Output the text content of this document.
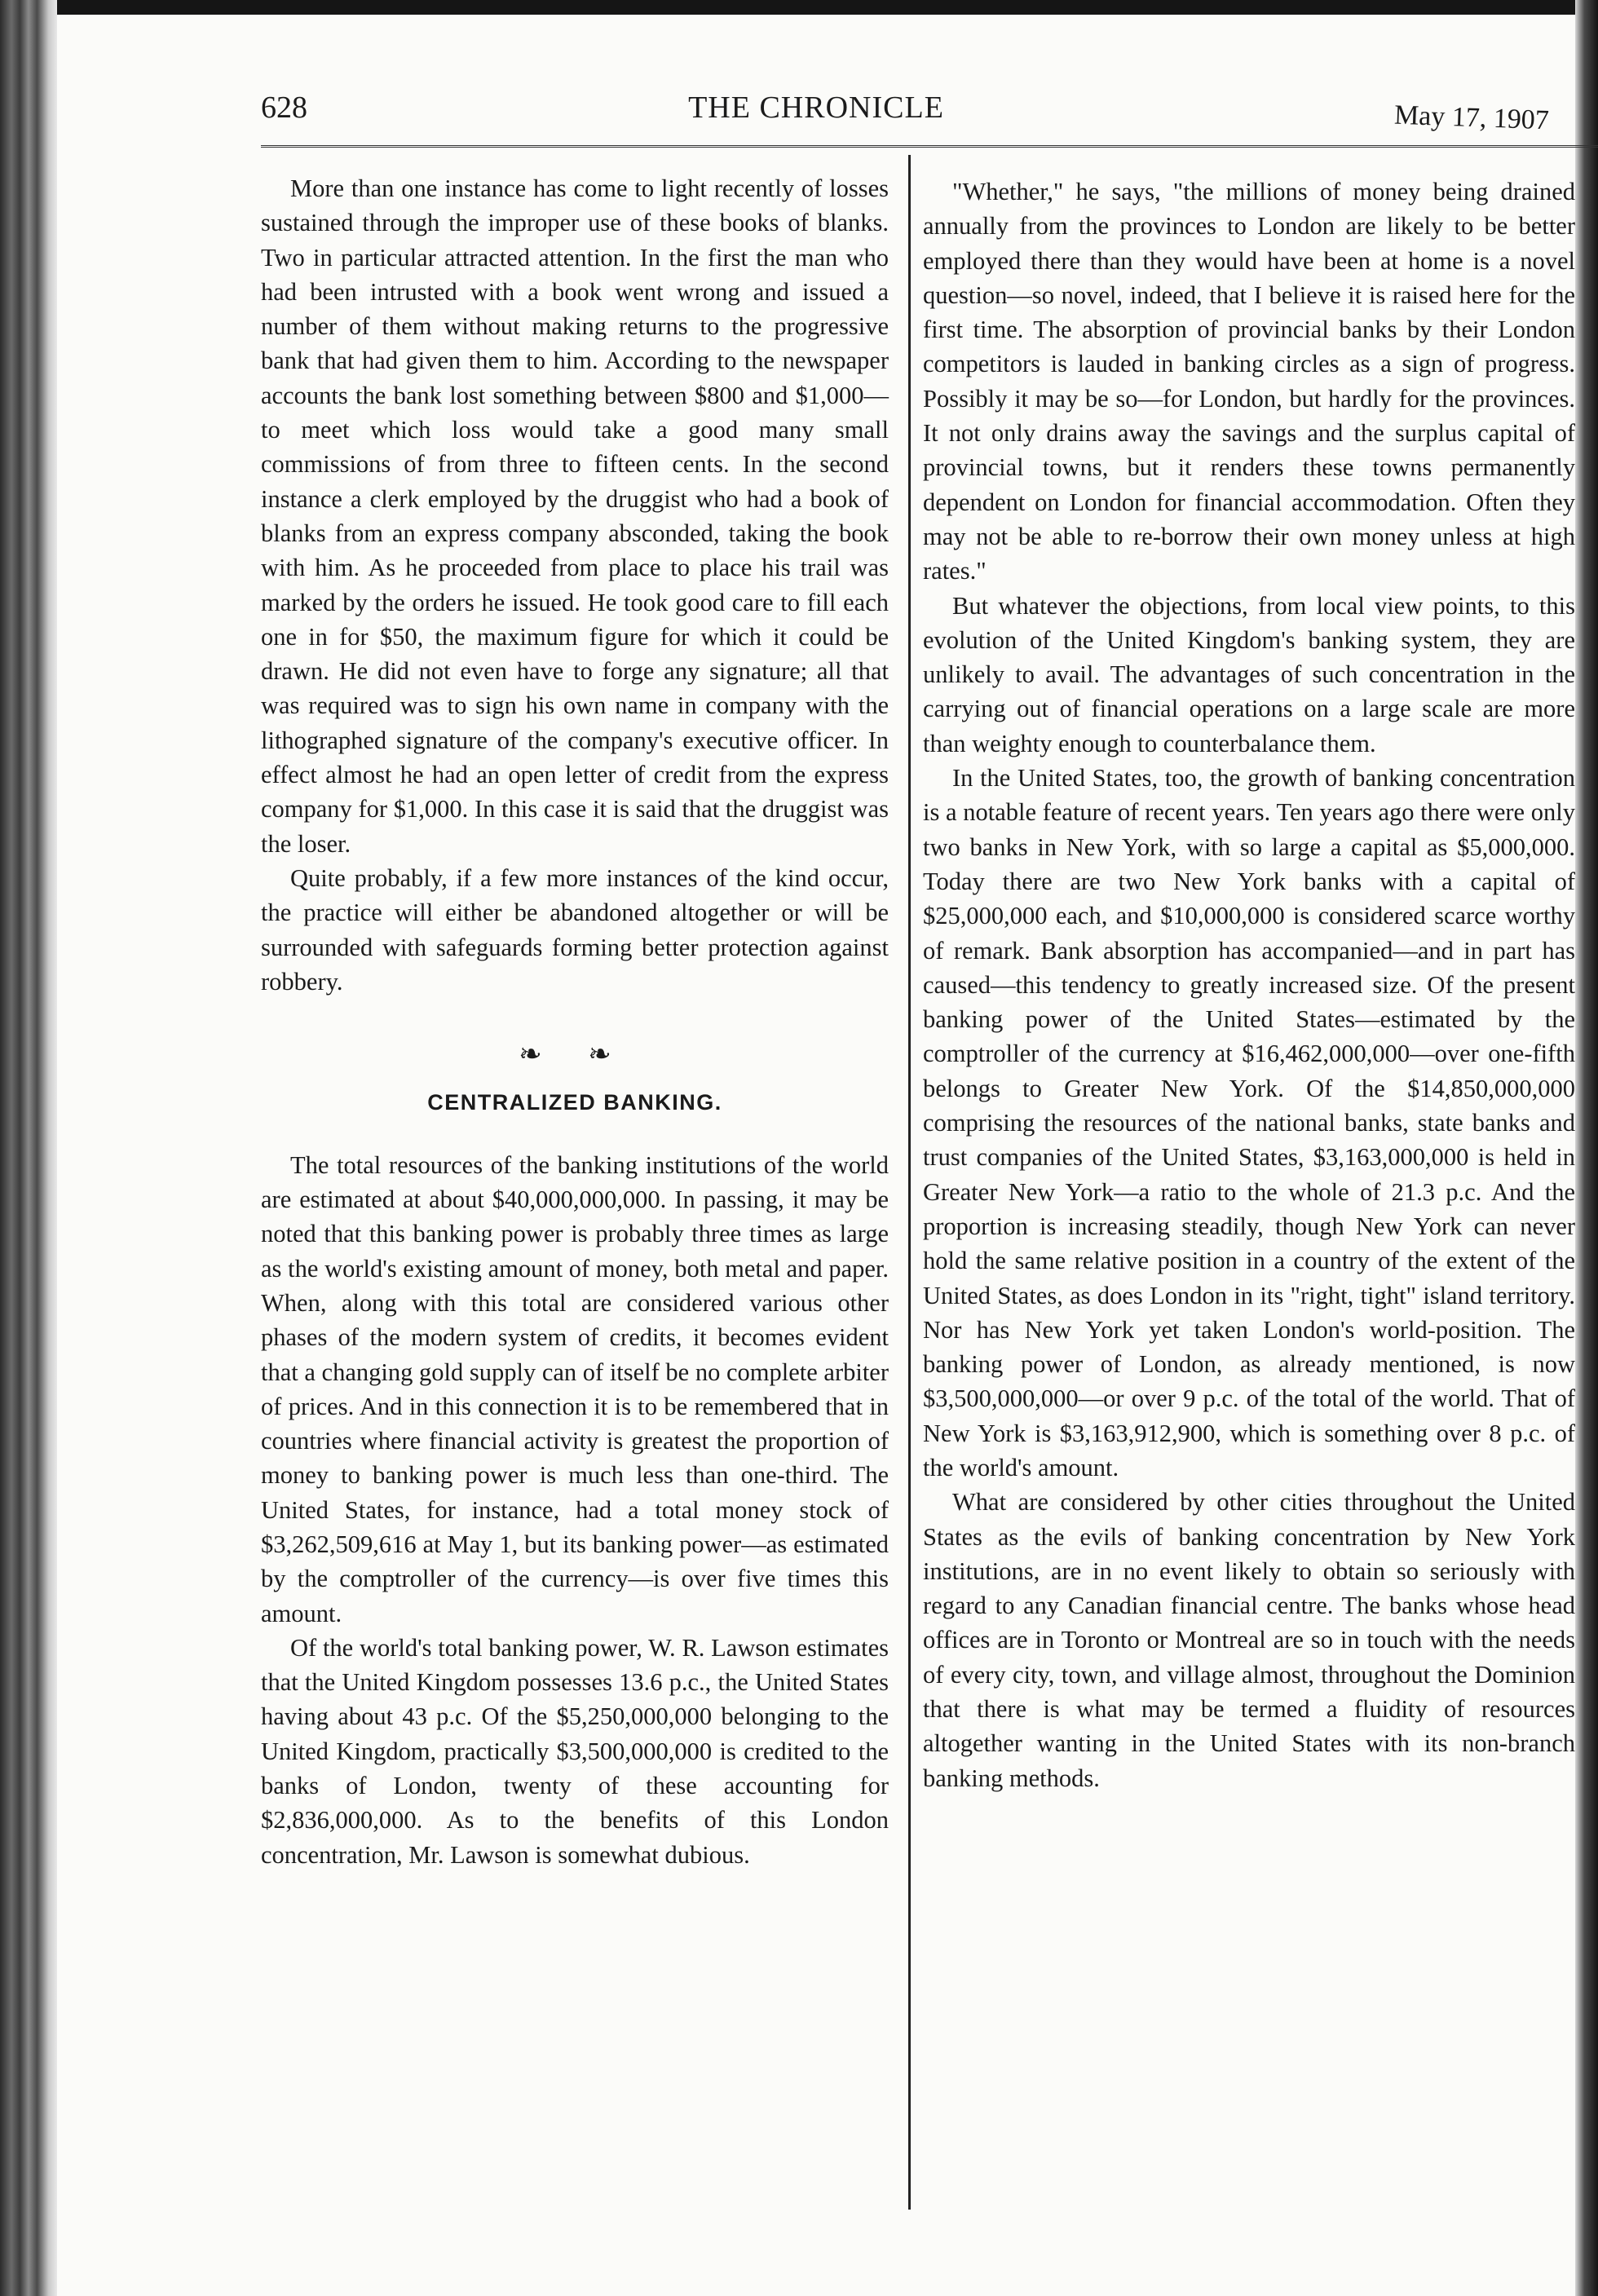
628	THE CHRONICLE	May 17, 1907

More than one instance has come to light recently of losses sustained through the improper use of these books of blanks. Two in particular attracted attention. In the first the man who had been intrusted with a book went wrong and issued a number of them without making returns to the progressive bank that had given them to him. According to the newspaper accounts the bank lost something between $800 and $1,000—to meet which loss would take a good many small commissions of from three to fifteen cents. In the second instance a clerk employed by the druggist who had a book of blanks from an express company absconded, taking the book with him. As he proceeded from place to place his trail was marked by the orders he issued. He took good care to fill each one in for $50, the maximum figure for which it could be drawn. He did not even have to forge any signature; all that was required was to sign his own name in company with the lithographed signature of the company's executive officer. In effect almost he had an open letter of credit from the express company for $1,000. In this case it is said that the druggist was the loser.

Quite probably, if a few more instances of the kind occur, the practice will either be abandoned altogether or will be surrounded with safeguards forming better protection against robbery.

❧ ❧
CENTRALIZED BANKING.

The total resources of the banking institutions of the world are estimated at about $40,000,000,000. In passing, it may be noted that this banking power is probably three times as large as the world's existing amount of money, both metal and paper. When, along with this total are considered various other phases of the modern system of credits, it becomes evident that a changing gold supply can of itself be no complete arbiter of prices. And in this connection it is to be remembered that in countries where financial activity is greatest the proportion of money to banking power is much less than one-third. The United States, for instance, had a total money stock of $3,262,509,616 at May 1, but its banking power—as estimated by the comptroller of the currency—is over five times this amount.

Of the world's total banking power, W. R. Lawson estimates that the United Kingdom possesses 13.6 p.c., the United States having about 43 p.c. Of the $5,250,000,000 belonging to the United Kingdom, practically $3,500,000,000 is credited to the banks of London, twenty of these accounting for $2,836,000,000. As to the benefits of this London concentration, Mr. Lawson is somewhat dubious.

"Whether," he says, "the millions of money being drained annually from the provinces to London are likely to be better employed there than they would have been at home is a novel question—so novel, indeed, that I believe it is raised here for the first time. The absorption of provincial banks by their London competitors is lauded in banking circles as a sign of progress. Possibly it may be so—for London, but hardly for the provinces. It not only drains away the savings and the surplus capital of provincial towns, but it renders these towns permanently dependent on London for financial accommodation. Often they may not be able to re-borrow their own money unless at high rates."

But whatever the objections, from local view points, to this evolution of the United Kingdom's banking system, they are unlikely to avail. The advantages of such concentration in the carrying out of financial operations on a large scale are more than weighty enough to counterbalance them.

In the United States, too, the growth of banking concentration is a notable feature of recent years. Ten years ago there were only two banks in New York, with so large a capital as $5,000,000. Today there are two New York banks with a capital of $25,000,000 each, and $10,000,000 is considered scarce worthy of remark. Bank absorption has accompanied—and in part has caused—this tendency to greatly increased size. Of the present banking power of the United States—estimated by the comptroller of the currency at $16,462,000,000—over one-fifth belongs to Greater New York. Of the $14,850,000,000 comprising the resources of the national banks, state banks and trust companies of the United States, $3,163,000,000 is held in Greater New York—a ratio to the whole of 21.3 p.c. And the proportion is increasing steadily, though New York can never hold the same relative position in a country of the extent of the United States, as does London in its "right, tight" island territory. Nor has New York yet taken London's world-position. The banking power of London, as already mentioned, is now $3,500,000,000—or over 9 p.c. of the total of the world. That of New York is $3,163,912,900, which is something over 8 p.c. of the world's amount.

What are considered by other cities throughout the United States as the evils of banking concentration by New York institutions, are in no event likely to obtain so seriously with regard to any Canadian financial centre. The banks whose head offices are in Toronto or Montreal are so in touch with the needs of every city, town, and village almost, throughout the Dominion that there is what may be termed a fluidity of resources altogether wanting in the United States with its non-branch banking methods.
